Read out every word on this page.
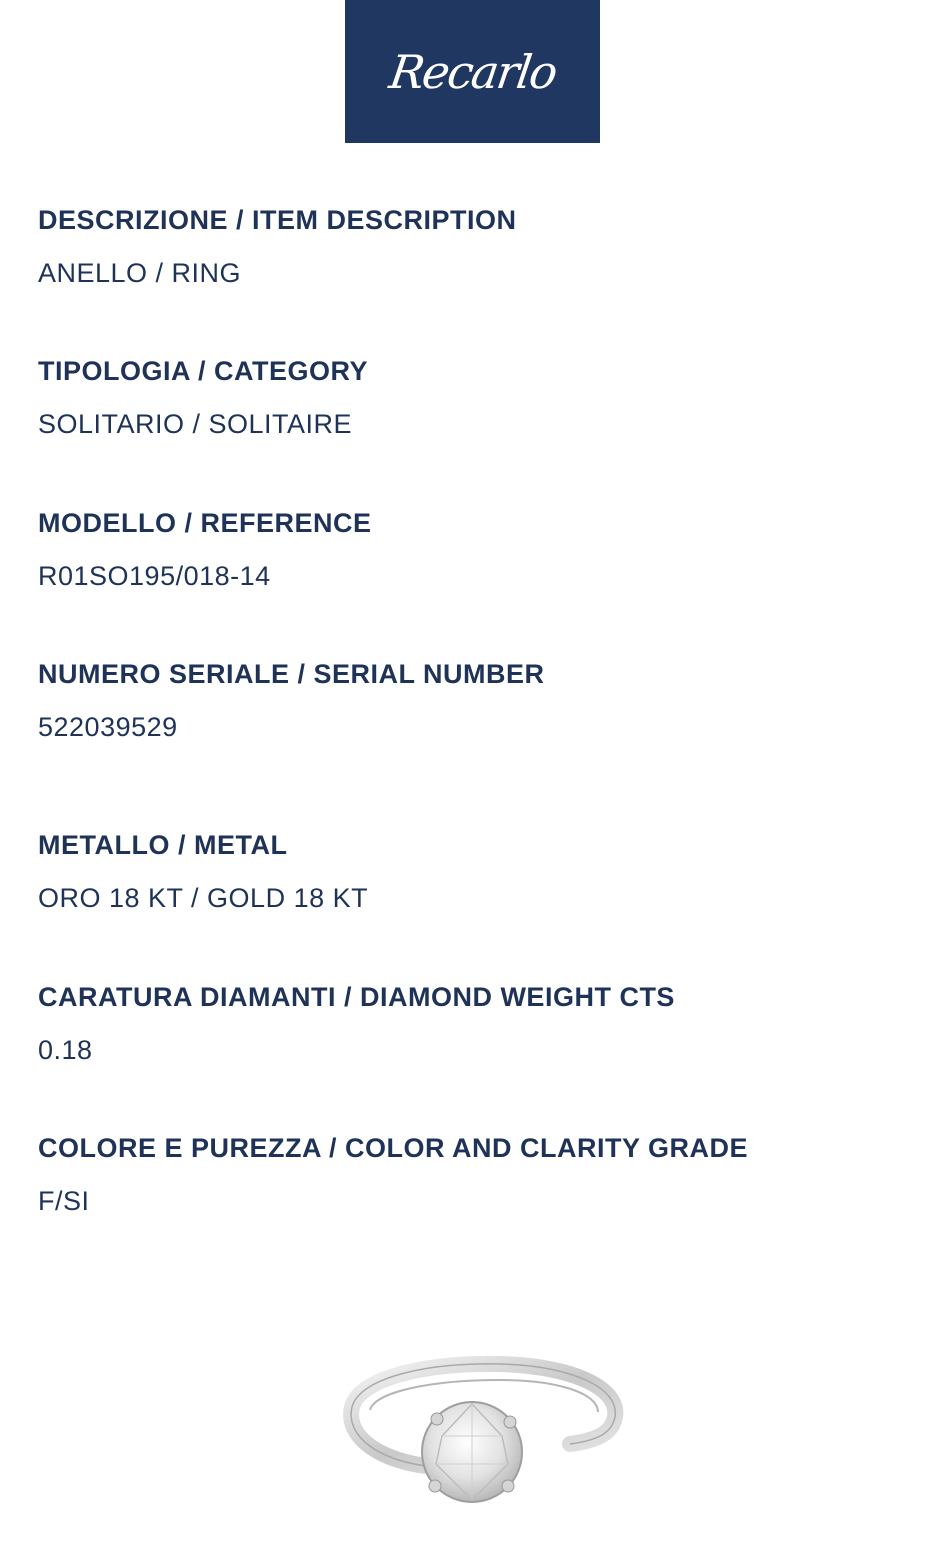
Recarlo
DESCRIZIONE / ITEM DESCRIPTION
ANELLO / RING
TIPOLOGIA / CATEGORY
SOLITARIO / SOLITAIRE
MODELLO / REFERENCE
R01SO195/018-14
NUMERO SERIALE / SERIAL NUMBER
522039529
METALLO / METAL
ORO 18 KT / GOLD 18 KT
CARATURA DIAMANTI / DIAMOND WEIGHT CTS
0.18
COLORE E PUREZZA / COLOR AND CLARITY GRADE
F/SI
